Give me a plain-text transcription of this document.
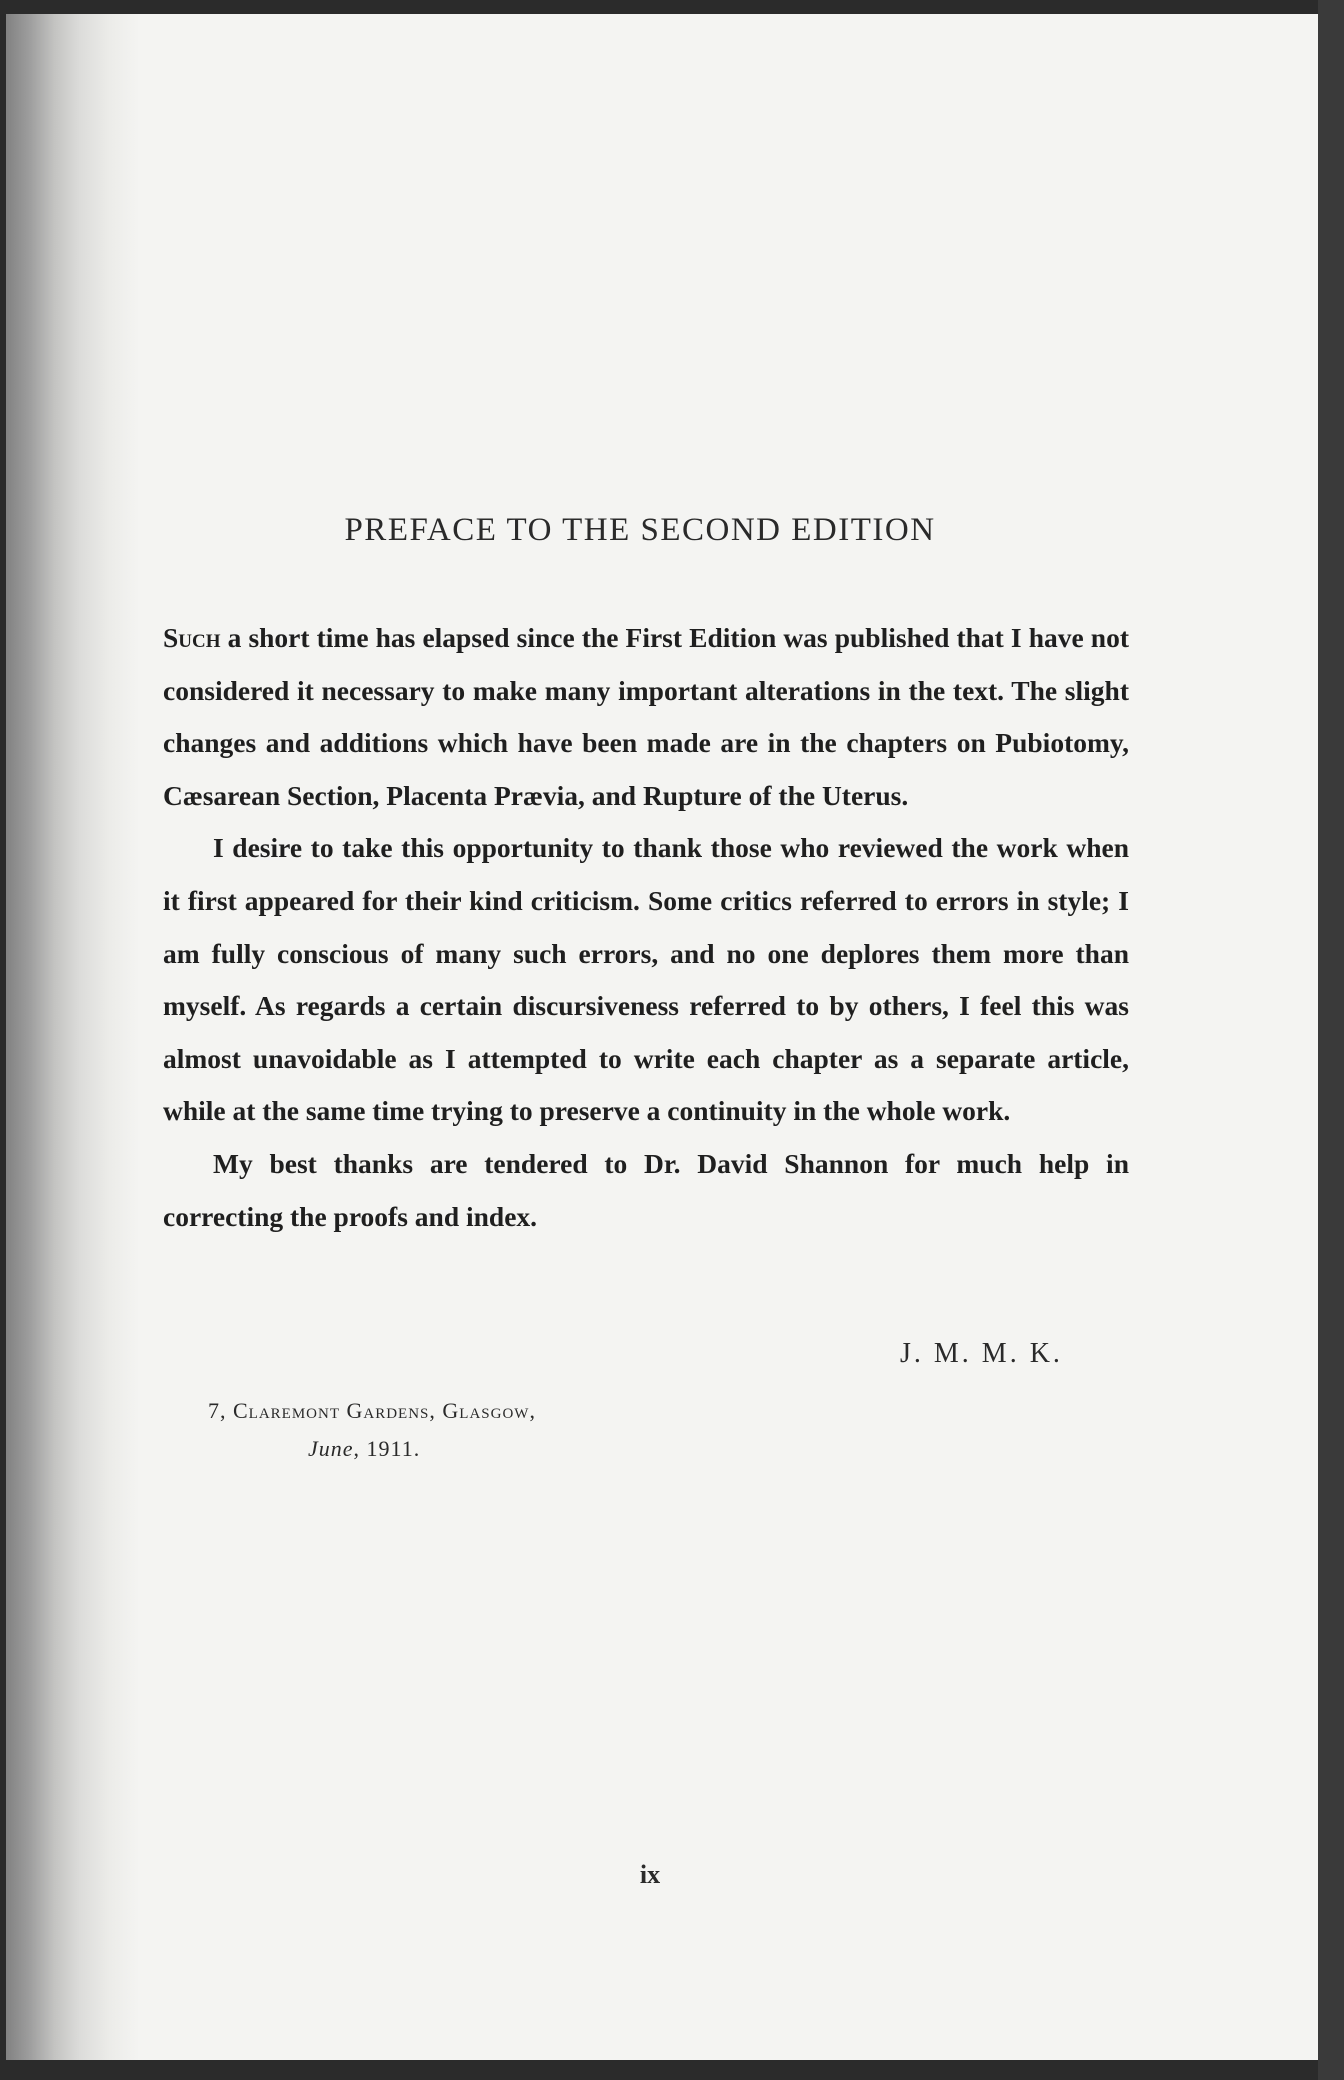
PREFACE TO THE SECOND EDITION

Such a short time has elapsed since the First Edition was published that I have not considered it necessary to make many important alterations in the text. The slight changes and additions which have been made are in the chapters on Pubiotomy, Cæsarean Section, Placenta Prævia, and Rupture of the Uterus.

I desire to take this opportunity to thank those who reviewed the work when it first appeared for their kind criticism. Some critics referred to errors in style; I am fully conscious of many such errors, and no one deplores them more than myself. As regards a certain discursiveness referred to by others, I feel this was almost unavoidable as I attempted to write each chapter as a separate article, while at the same time trying to preserve a continuity in the whole work.

My best thanks are tendered to Dr. David Shannon for much help in correcting the proofs and index.

J. M. M. K.
7, Claremont Gardens, Glasgow,
June, 1911.
ix
